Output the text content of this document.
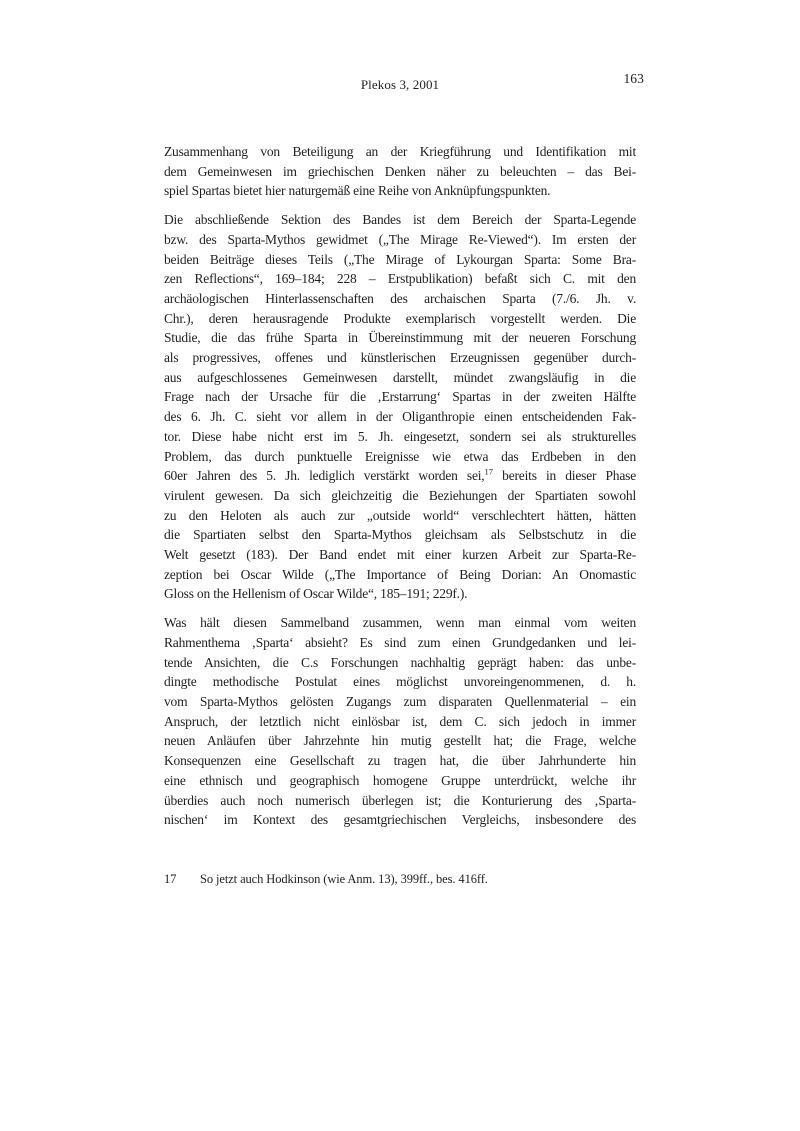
Plekos 3, 2001	163
Zusammenhang von Beteiligung an der Kriegführung und Identifikation mit
dem Gemeinwesen im griechischen Denken näher zu beleuchten – das Bei-
spiel Spartas bietet hier naturgemäß eine Reihe von Anknüpfungspunkten.
Die abschließende Sektion des Bandes ist dem Bereich der Sparta-Legende
bzw. des Sparta-Mythos gewidmet („The Mirage Re-Viewed“). Im ersten der
beiden Beiträge dieses Teils („The Mirage of Lykourgan Sparta: Some Bra-
zen Reflections“, 169–184; 228 – Erstpublikation) befaßt sich C. mit den
archäologischen Hinterlassenschaften des archaischen Sparta (7./6. Jh. v.
Chr.), deren herausragende Produkte exemplarisch vorgestellt werden. Die
Studie, die das frühe Sparta in Übereinstimmung mit der neueren Forschung
als progressives, offenes und künstlerischen Erzeugnissen gegenüber durch-
aus aufgeschlossenes Gemeinwesen darstellt, mündet zwangsläufig in die
Frage nach der Ursache für die ‚Erstarrung‘ Spartas in der zweiten Hälfte
des 6. Jh. C. sieht vor allem in der Oliganthropie einen entscheidenden Fak-
tor. Diese habe nicht erst im 5. Jh. eingesetzt, sondern sei als strukturelles
Problem, das durch punktuelle Ereignisse wie etwa das Erdbeben in den
60er Jahren des 5. Jh. lediglich verstärkt worden sei,$^{17}$ bereits in dieser Phase
virulent gewesen. Da sich gleichzeitig die Beziehungen der Spartiaten sowohl
zu den Heloten als auch zur „outside world“ verschlechtert hätten, hätten
die Spartiaten selbst den Sparta-Mythos gleichsam als Selbstschutz in die
Welt gesetzt (183). Der Band endet mit einer kurzen Arbeit zur Sparta-Re-
zeption bei Oscar Wilde („The Importance of Being Dorian: An Onomastic
Gloss on the Hellenism of Oscar Wilde“, 185–191; 229f.).
Was hält diesen Sammelband zusammen, wenn man einmal vom weiten
Rahmenthema ‚Sparta‘ absieht? Es sind zum einen Grundgedanken und lei-
tende Ansichten, die C.s Forschungen nachhaltig geprägt haben: das unbe-
dingte methodische Postulat eines möglichst unvoreingenommenen, d. h.
vom Sparta-Mythos gelösten Zugangs zum disparaten Quellenmaterial – ein
Anspruch, der letztlich nicht einlösbar ist, dem C. sich jedoch in immer
neuen Anläufen über Jahrzehnte hin mutig gestellt hat; die Frage, welche
Konsequenzen eine Gesellschaft zu tragen hat, die über Jahrhunderte hin
eine ethnisch und geographisch homogene Gruppe unterdrückt, welche ihr
überdies auch noch numerisch überlegen ist; die Konturierung des ‚Sparta-
nischen‘ im Kontext des gesamtgriechischen Vergleichs, insbesondere des
17	So jetzt auch Hodkinson (wie Anm. 13), 399ff., bes. 416ff.
